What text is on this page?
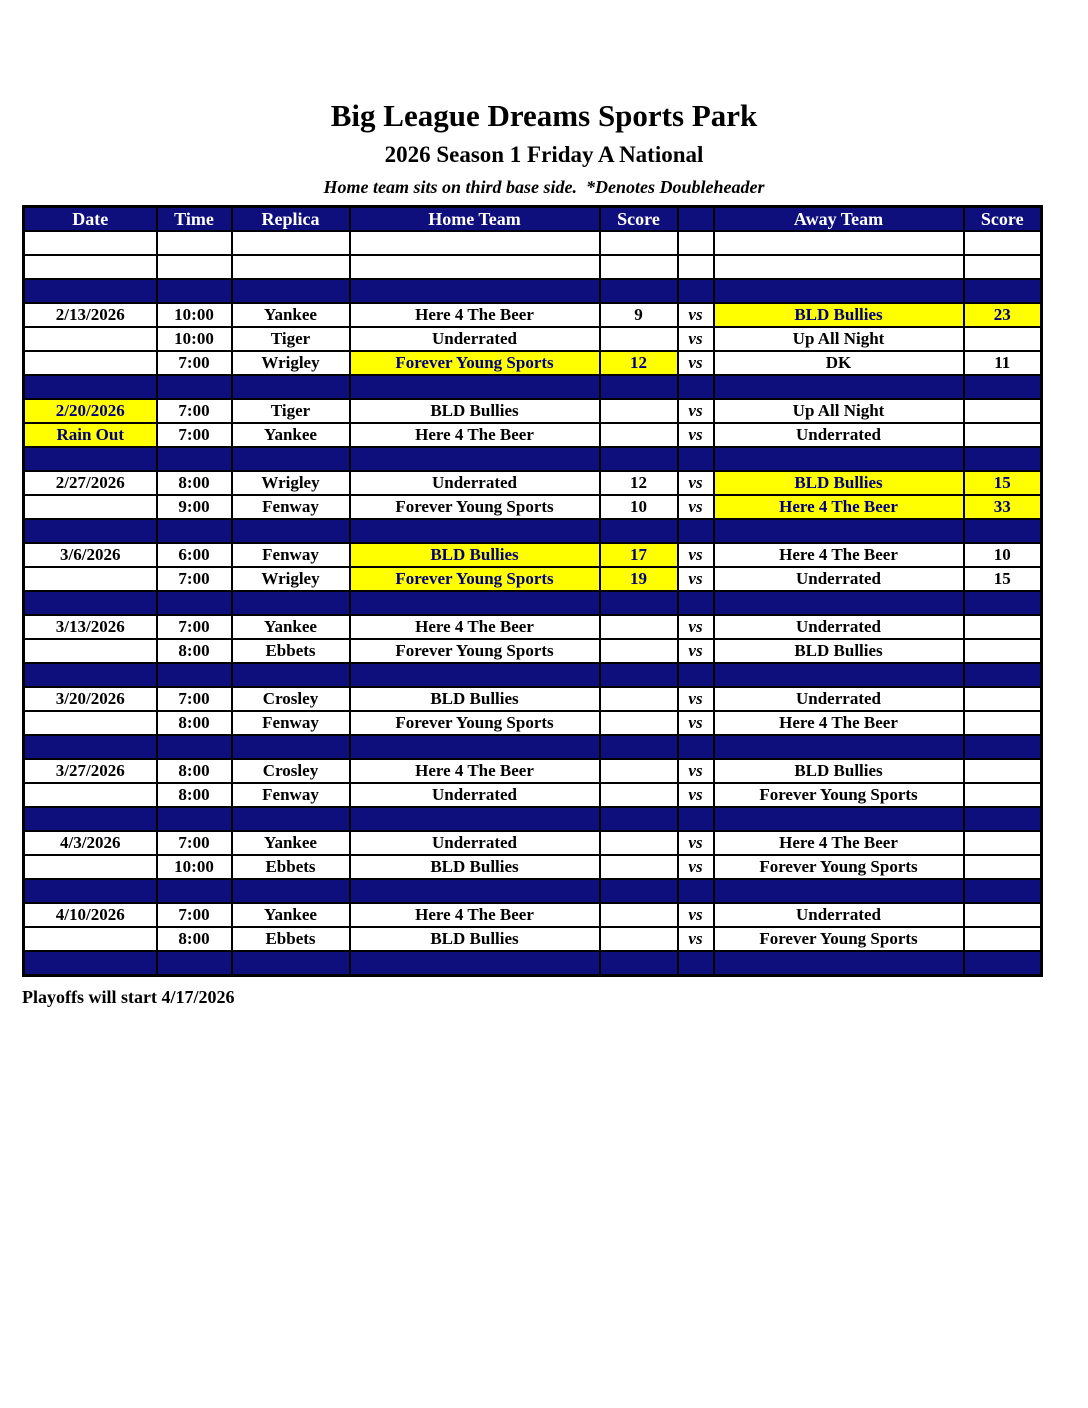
Big League Dreams Sports Park
2026 Season 1 Friday A National
Home team sits on third base side.  *Denotes Doubleheader
Date	Time	Replica	Home Team	Score		Away Team	Score

2/13/2026	10:00	Yankee	Here 4 The Beer	9	vs	BLD Bullies	23
	10:00	Tiger	Underrated		vs	Up All Night	
	7:00	Wrigley	Forever Young Sports	12	vs	DK	11

2/20/2026	7:00	Tiger	BLD Bullies		vs	Up All Night	
Rain Out	7:00	Yankee	Here 4 The Beer		vs	Underrated	

2/27/2026	8:00	Wrigley	Underrated	12	vs	BLD Bullies	15
	9:00	Fenway	Forever Young Sports	10	vs	Here 4 The Beer	33

3/6/2026	6:00	Fenway	BLD Bullies	17	vs	Here 4 The Beer	10
	7:00	Wrigley	Forever Young Sports	19	vs	Underrated	15

3/13/2026	7:00	Yankee	Here 4 The Beer		vs	Underrated	
	8:00	Ebbets	Forever Young Sports		vs	BLD Bullies	

3/20/2026	7:00	Crosley	BLD Bullies		vs	Underrated	
	8:00	Fenway	Forever Young Sports		vs	Here 4 The Beer	

3/27/2026	8:00	Crosley	Here 4 The Beer		vs	BLD Bullies	
	8:00	Fenway	Underrated		vs	Forever Young Sports	

4/3/2026	7:00	Yankee	Underrated		vs	Here 4 The Beer	
	10:00	Ebbets	BLD Bullies		vs	Forever Young Sports	

4/10/2026	7:00	Yankee	Here 4 The Beer		vs	Underrated	
	8:00	Ebbets	BLD Bullies		vs	Forever Young Sports	

Playoffs will start 4/17/2026
